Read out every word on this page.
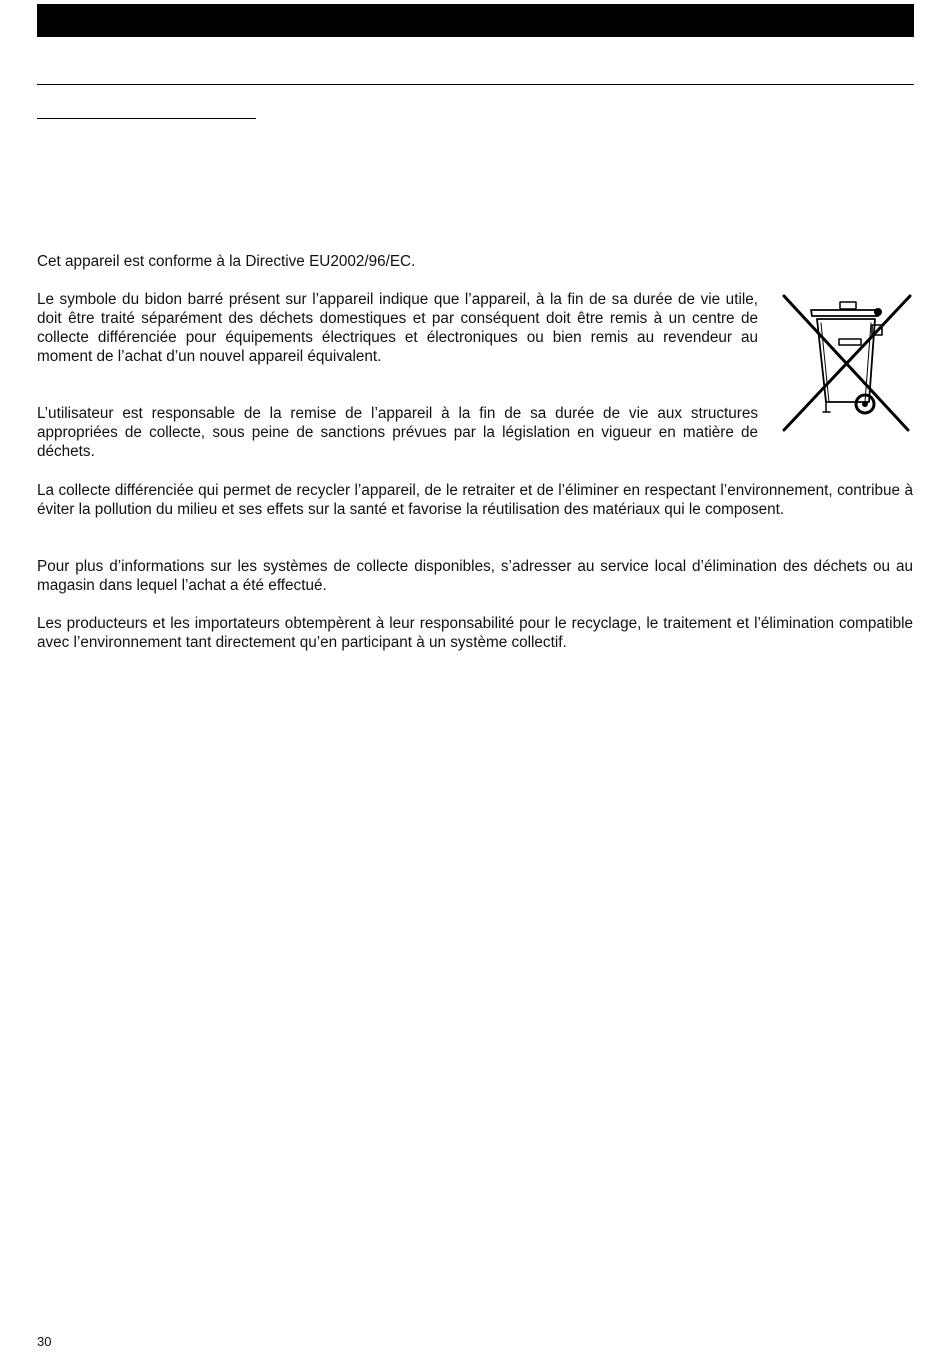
Cet appareil est conforme à la Directive EU2002/96/EC.

Le symbole du bidon barré présent sur l’appareil indique que l’appareil, à la fin de sa durée de vie utile, doit être traité séparément des déchets domestiques et par conséquent doit être remis à un centre de collecte différenciée pour équipements électriques et électroniques ou bien remis au revendeur au moment de l’achat d’un nouvel appareil équivalent.

L’utilisateur est responsable de la remise de l’appareil à la fin de sa durée de vie aux structures appropriées de collecte, sous peine de sanctions prévues par la législation en vigueur en matière de déchets.

La collecte différenciée qui permet de recycler l’appareil, de le retraiter et de l’éliminer en respectant l’environnement, contribue à éviter la pollution du milieu et ses effets sur la santé et favorise la réutilisation des matériaux qui le composent.

Pour plus d’informations sur les systèmes de collecte disponibles, s’adresser au service local d’élimination des déchets ou au magasin dans lequel l’achat a été effectué.

Les producteurs et les importateurs obtempèrent à leur responsabilité pour le recyclage, le traitement et l’élimination compatible avec l’environnement tant directement qu’en participant à un système collectif.

30
